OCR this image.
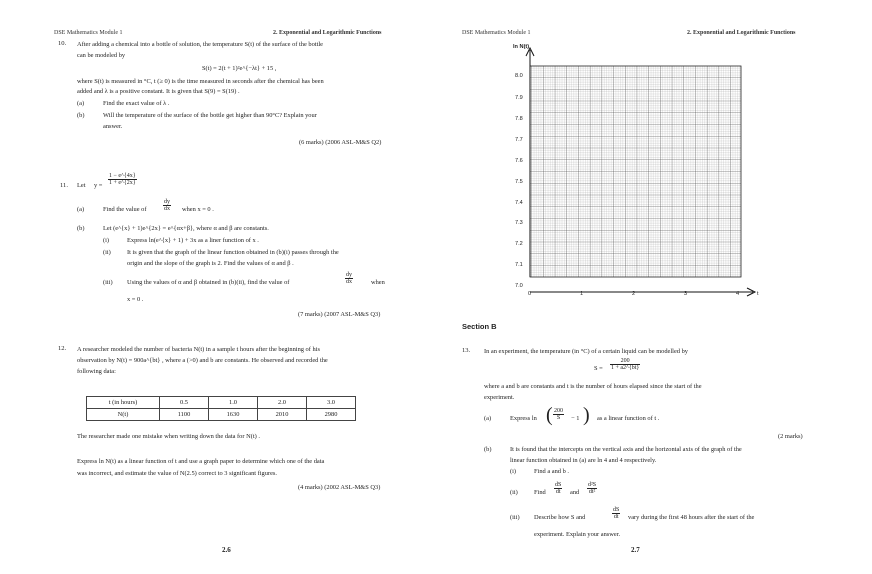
DSE Mathematics Module 1	2. Exponential and Logarithmic Functions
10. After adding a chemical into a bottle of solution, the temperature S(t) of the surface of the bottle
can be modeled by
S(t) = 2(t + 1)²e^{−λt} + 15 ,
where S(t) is measured in °C, t (≥ 0) is the time measured in seconds after the chemical has been
added and λ is a positive constant. It is given that S(9) = S(19) .
(a)	Find the exact value of λ .
(b)	Will the temperature of the surface of the bottle get higher than 90°C? Explain your
answer.
(6 marks) (2006 ASL-M&S Q2)
11. Let $y = \frac{1 - e\^{}\{4x\}}{1 + e\^{}\{2x\}}$
(a)	Find the value of	$\frac{dy}{dx}$ when x = 0 .
(b)	Let (e^{x} + 1)e^{2x} = e^{αx+β}, where α and β are constants.
(i)	Express ln(e^{x} + 1) + 3x as a liner function of x .
(ii)	It is given that the graph of the linear function obtained in (b)(i) passes through the
origin and the slope of the graph is 2. Find the values of α and β .
(iii) Using the values of α and β obtained in (b)(ii), find the value of	$\frac{dy}{dx}$	when
x = 0 .
(7 marks) (2007 ASL-M&S Q3)
12. A researcher modeled the number of bacteria N(t) in a sample t hours after the beginning of his
observation by N(t) = 900a^{bt} , where a (>0) and b are constants. He observed and recorded the
following data:
t (in hours)	0.5	1.0	2.0	3.0
N(t)	1100	1630	2010	2980
The researcher made one mistake when writing down the data for N(t) .
Express ln N(t) as a linear function of t and use a graph paper to determine which one of the data
was incorrect, and estimate the value of N(2.5) correct to 3 significant figures.
(4 marks) (2002 ASL-M&S Q3)
2.6
DSE Mathematics Module 1	2. Exponential and Logarithmic Functions
ln N(t)
t
8.0
7.9
7.8
7.7
7.6
7.5
7.4
7.3
7.2
7.1
7.0
0	1	2	3	4
Section B
13. In an experiment, the temperature (in °C) of a certain liquid can be modelled by
$S = \frac{200}{1 + a2\^{}\{bt\}}$
where a and b are constants and t is the number of hours elapsed since the start of the
experiment.
(a)	Express ln ( $\frac{200}{S} - 1$ ) as a linear function of t .
(2 marks)
(b)	It is found that the intercepts on the vertical axis and the horizontal axis of the graph of the
linear function obtained in (a) are ln 4 and 4 respectively.
(i)	Find a and b .
(ii)	Find $\frac{dS}{dt}$ and $\frac{\text{d²S}}{\text{dt²}}$
(iii) Describe how S and	$\frac{dS}{dt}$ vary during the first 48 hours after the start of the
experiment. Explain your answer.
2.7
